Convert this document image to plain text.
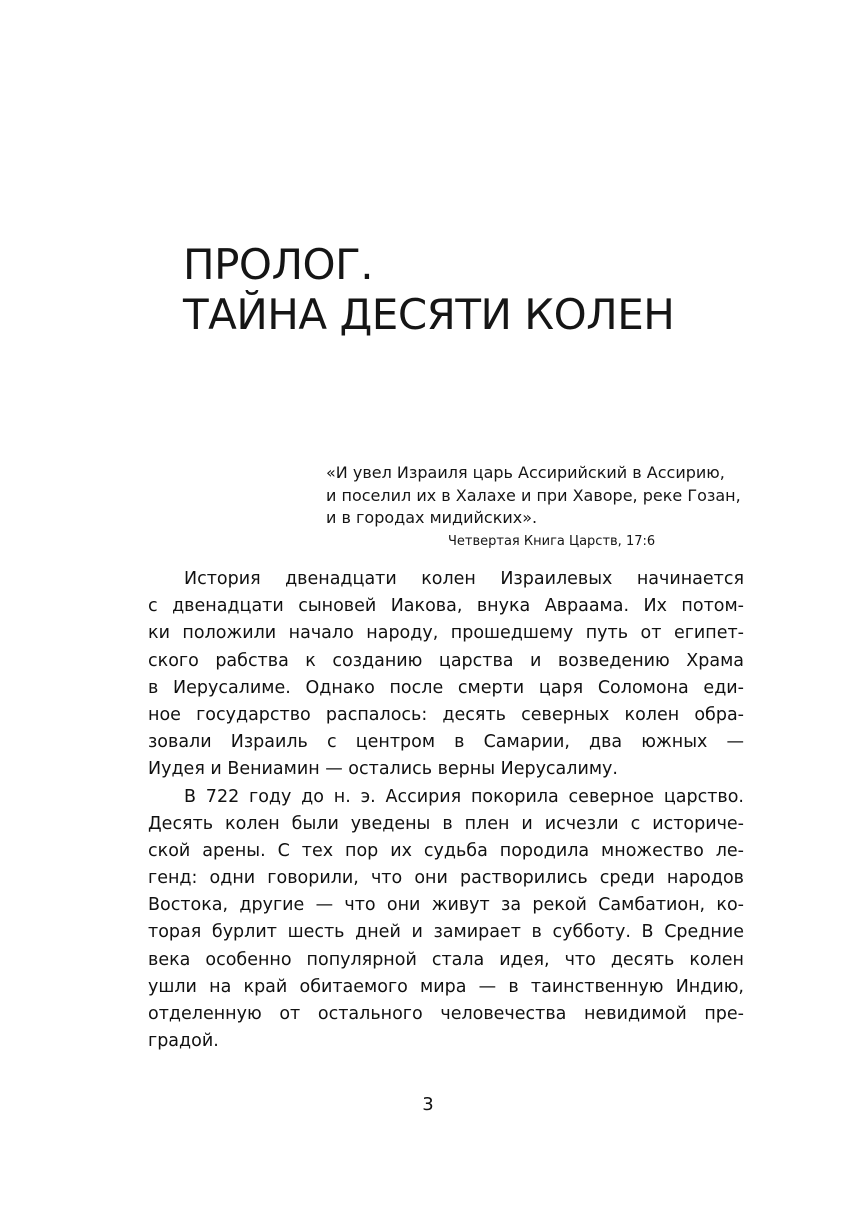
ПРОЛОГ.
ТАЙНА ДЕСЯТИ КОЛЕН
«И увел Израиля царь Ассирийский в Ассирию,
и поселил их в Халахе и при Хаворе, реке Гозан,
и в городах мидийских».
Четвертая Книга Царств, 17:6
История двенадцати колен Израилевых начинается
с двенадцати сыновей Иакова, внука Авраама. Их потом-
ки положили начало народу, прошедшему путь от египет-
ского рабства к созданию царства и возведению Храма
в Иерусалиме. Однако после смерти царя Соломона еди-
ное государство распалось: десять северных колен обра-
зовали Израиль с центром в Самарии, два южных —
Иудея и Вениамин — остались верны Иерусалиму.
В 722 году до н. э. Ассирия покорила северное царство.
Десять колен были уведены в плен и исчезли с историче-
ской арены. С тех пор их судьба породила множество ле-
генд: одни говорили, что они растворились среди народов
Востока, другие — что они живут за рекой Самбатион, ко-
торая бурлит шесть дней и замирает в субботу. В Средние
века особенно популярной стала идея, что десять колен
ушли на край обитаемого мира — в таинственную Индию,
отделенную от остального человечества невидимой пре-
градой.
3
